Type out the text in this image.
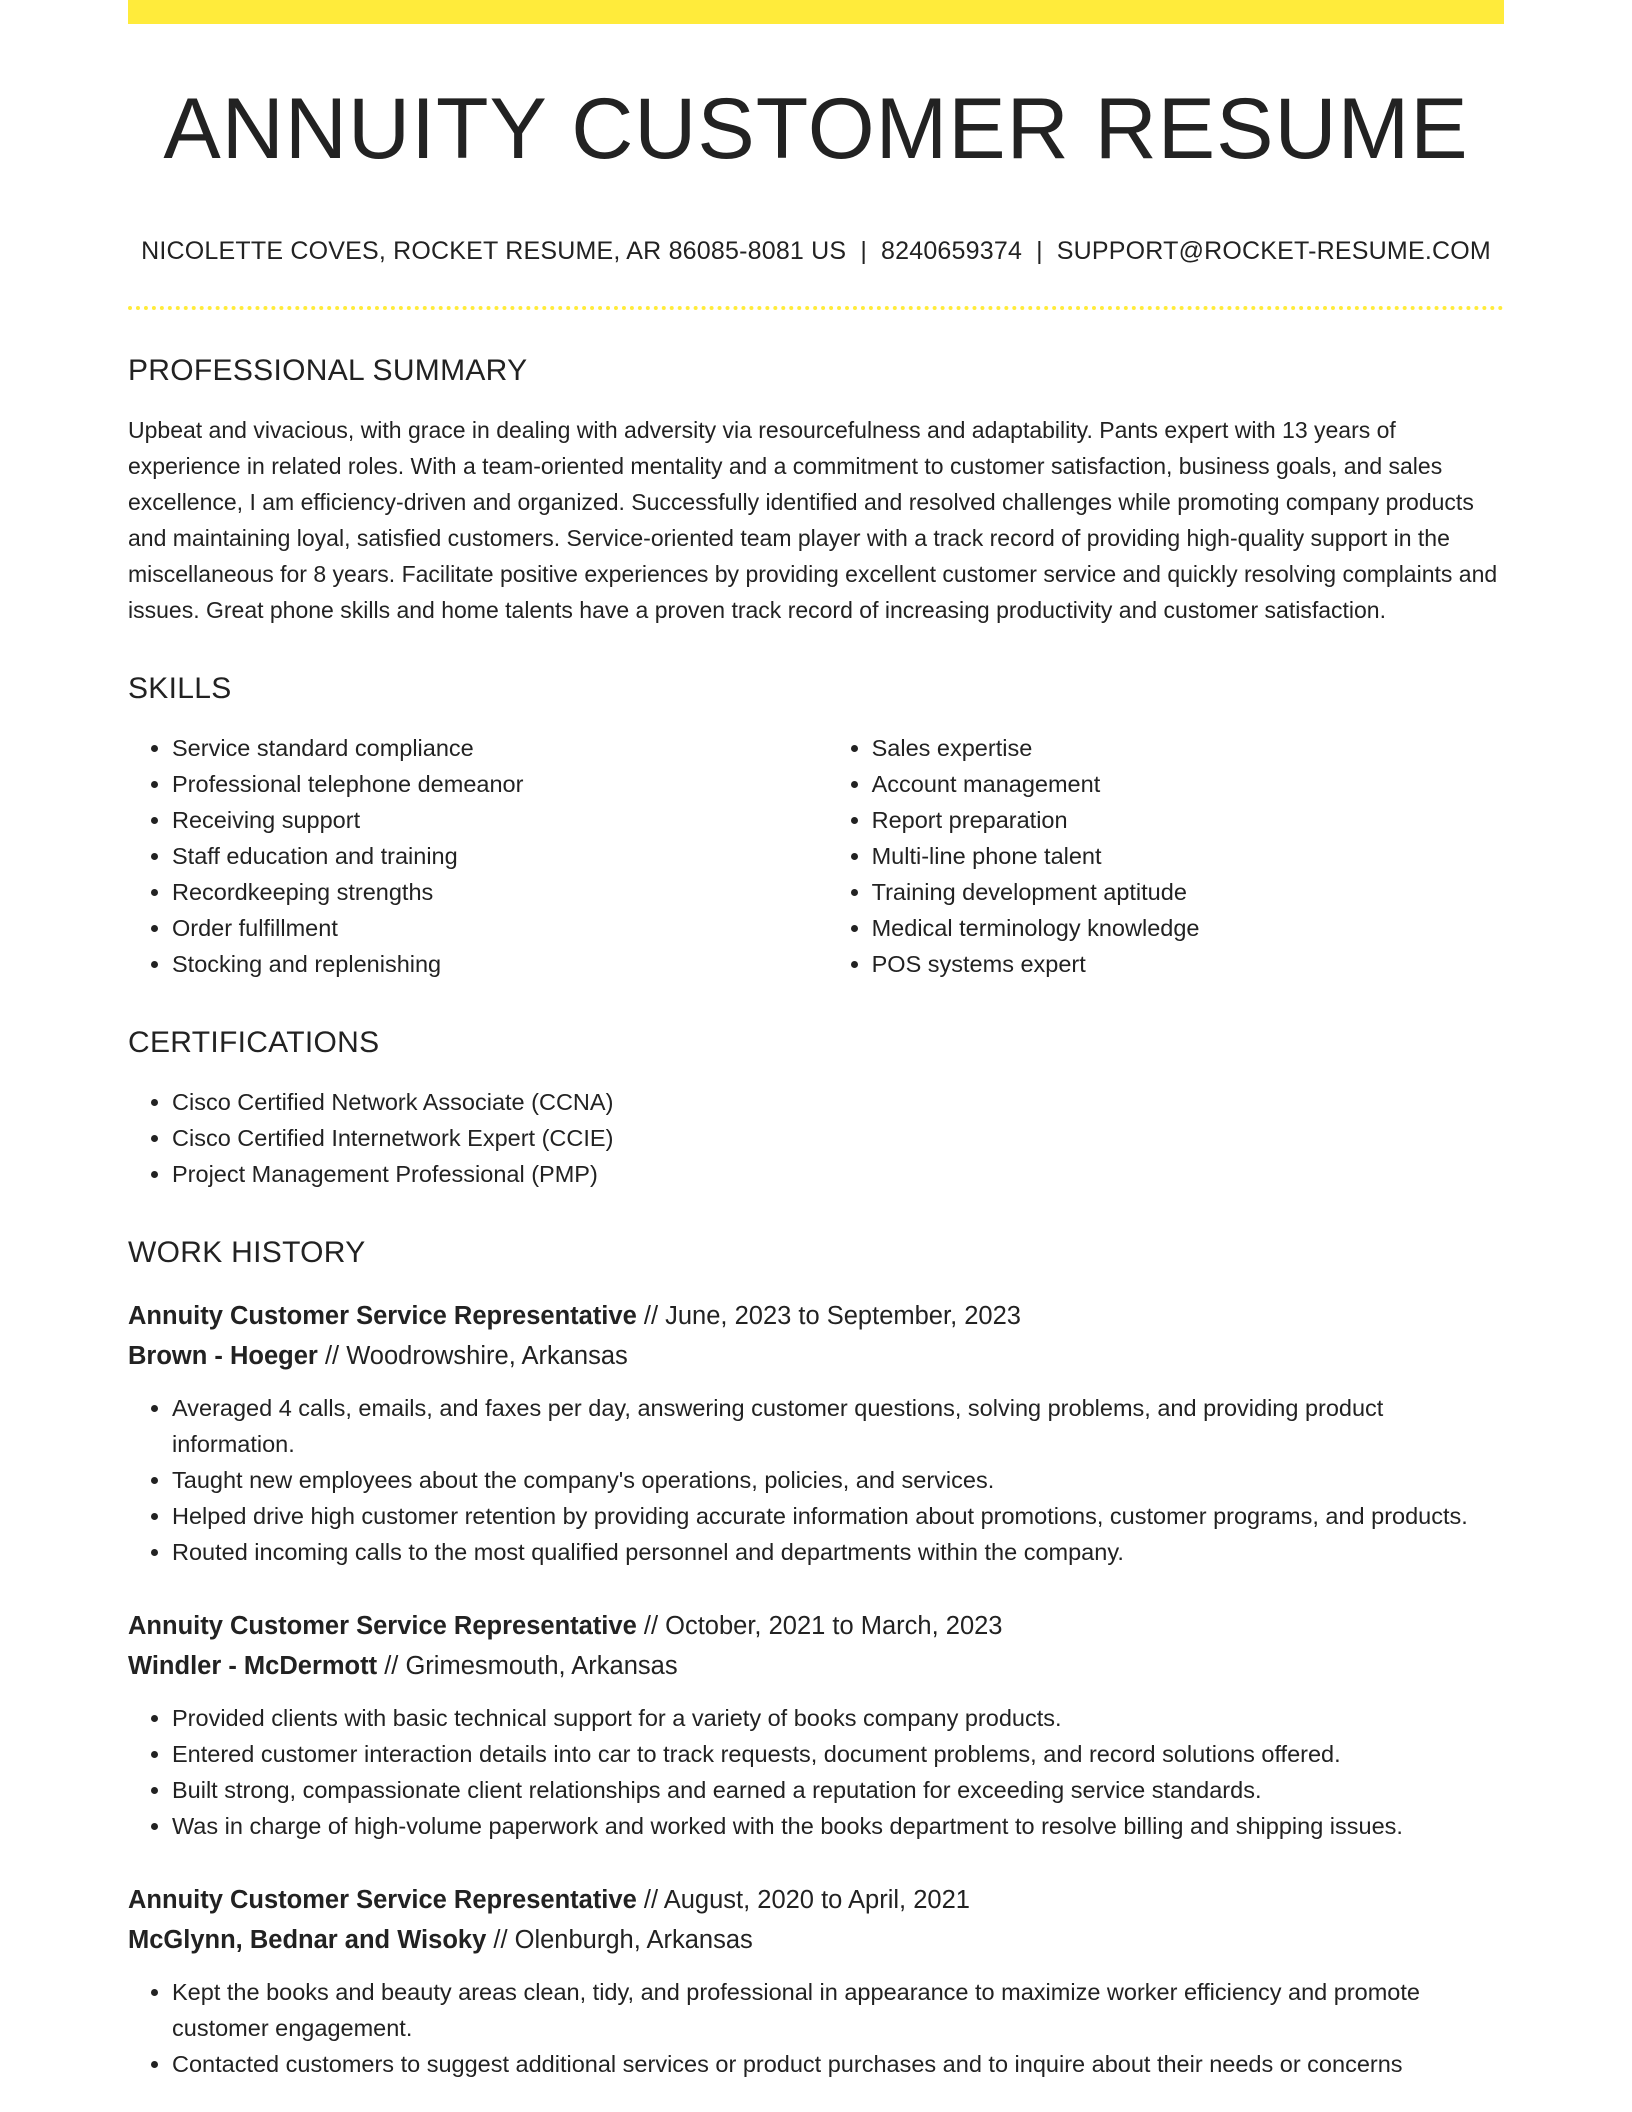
ANNUITY CUSTOMER RESUME
NICOLETTE COVES, ROCKET RESUME, AR 86085-8081 US | 8240659374 | SUPPORT@ROCKET-RESUME.COM
PROFESSIONAL SUMMARY
Upbeat and vivacious, with grace in dealing with adversity via resourcefulness and adaptability. Pants expert with 13 years of experience in related roles. With a team-oriented mentality and a commitment to customer satisfaction, business goals, and sales excellence, I am efficiency-driven and organized. Successfully identified and resolved challenges while promoting company products and maintaining loyal, satisfied customers. Service-oriented team player with a track record of providing high-quality support in the miscellaneous for 8 years. Facilitate positive experiences by providing excellent customer service and quickly resolving complaints and issues. Great phone skills and home talents have a proven track record of increasing productivity and customer satisfaction.
SKILLS
• Service standard compliance
• Professional telephone demeanor
• Receiving support
• Staff education and training
• Recordkeeping strengths
• Order fulfillment
• Stocking and replenishing
• Sales expertise
• Account management
• Report preparation
• Multi-line phone talent
• Training development aptitude
• Medical terminology knowledge
• POS systems expert
CERTIFICATIONS
• Cisco Certified Network Associate (CCNA)
• Cisco Certified Internetwork Expert (CCIE)
• Project Management Professional (PMP)
WORK HISTORY
Annuity Customer Service Representative // June, 2023 to September, 2023
Brown - Hoeger // Woodrowshire, Arkansas
• Averaged 4 calls, emails, and faxes per day, answering customer questions, solving problems, and providing product information.
• Taught new employees about the company's operations, policies, and services.
• Helped drive high customer retention by providing accurate information about promotions, customer programs, and products.
• Routed incoming calls to the most qualified personnel and departments within the company.
Annuity Customer Service Representative // October, 2021 to March, 2023
Windler - McDermott // Grimesmouth, Arkansas
• Provided clients with basic technical support for a variety of books company products.
• Entered customer interaction details into car to track requests, document problems, and record solutions offered.
• Built strong, compassionate client relationships and earned a reputation for exceeding service standards.
• Was in charge of high-volume paperwork and worked with the books department to resolve billing and shipping issues.
Annuity Customer Service Representative // August, 2020 to April, 2021
McGlynn, Bednar and Wisoky // Olenburgh, Arkansas
• Kept the books and beauty areas clean, tidy, and professional in appearance to maximize worker efficiency and promote customer engagement.
• Contacted customers to suggest additional services or product purchases and to inquire about their needs or concerns
